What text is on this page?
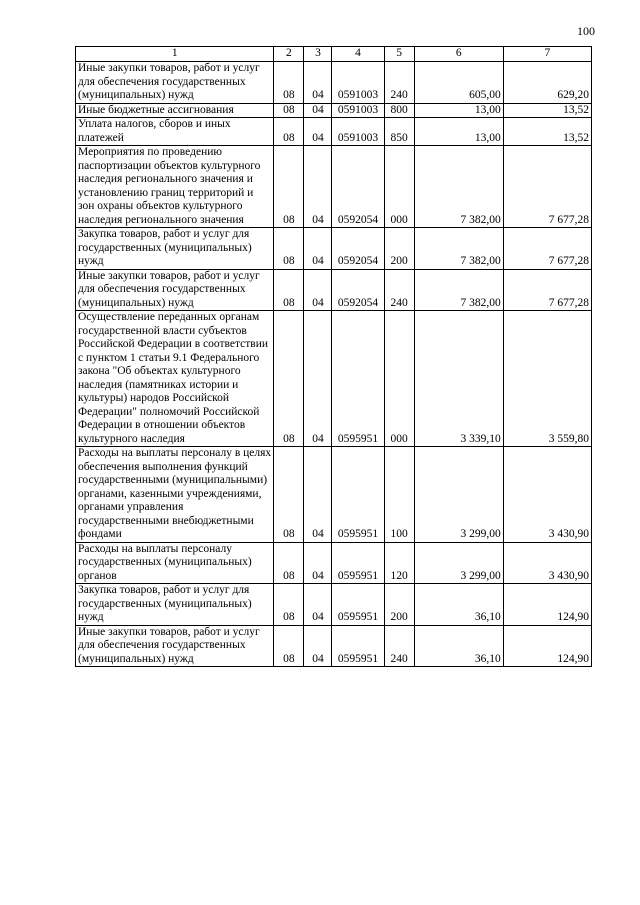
100
1	2	3	4	5	6	7
Иные закупки товаров, работ и услуг для обеспечения государственных (муниципальных) нужд	08	04	0591003	240	605,00	629,20
Иные бюджетные ассигнования	08	04	0591003	800	13,00	13,52
Уплата налогов, сборов и иных платежей	08	04	0591003	850	13,00	13,52
Мероприятия по проведению паспортизации объектов культурного наследия регионального значения и установлению границ территорий и зон охраны объектов культурного наследия регионального значения	08	04	0592054	000	7 382,00	7 677,28
Закупка товаров, работ и услуг для государственных (муниципальных) нужд	08	04	0592054	200	7 382,00	7 677,28
Иные закупки товаров, работ и услуг для обеспечения государственных (муниципальных) нужд	08	04	0592054	240	7 382,00	7 677,28
Осуществление переданных органам государственной власти субъектов Российской Федерации в соответствии с пунктом 1 статьи 9.1 Федерального закона "Об объектах культурного наследия (памятниках истории и культуры) народов Российской Федерации" полномочий Российской Федерации в отношении объектов культурного наследия	08	04	0595951	000	3 339,10	3 559,80
Расходы на выплаты персоналу в целях обеспечения выполнения функций государственными (муниципальными) органами, казенными учреждениями, органами управления государственными внебюджетными фондами	08	04	0595951	100	3 299,00	3 430,90
Расходы на выплаты персоналу государственных (муниципальных) органов	08	04	0595951	120	3 299,00	3 430,90
Закупка товаров, работ и услуг для государственных (муниципальных) нужд	08	04	0595951	200	36,10	124,90
Иные закупки товаров, работ и услуг для обеспечения государственных (муниципальных) нужд	08	04	0595951	240	36,10	124,90
